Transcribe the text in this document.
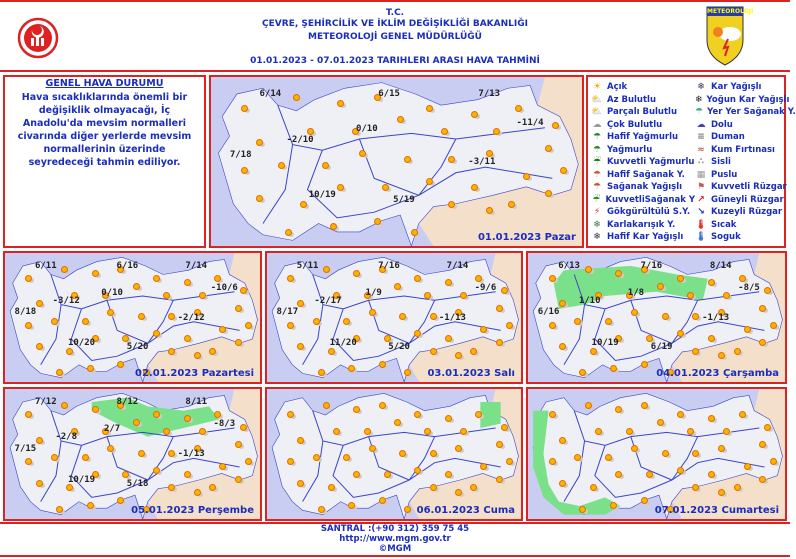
T.C.
ÇEVRE, ŞEHİRCİLİK VE İKLİM DEĞİŞİKLİĞİ BAKANLIĞI
METEOROLOJİ GENEL MÜDÜRLÜĞÜ
01.01.2023 - 07.01.2023 TARIHLERI ARASI HAVA TAHMİNİ
METEOROLOJİ
GENEL HAVA DURUMU
Hava sıcaklıklarında önemli bir değişiklik olmayacağı, İç Anadolu'da mevsim normalleri civarında diğer yerlerde mevsim normallerinin üzerinde seyredeceği tahmin ediliyor.
6/14	6/15	7/13
0/10
-2/10
-11/4
7/18
-3/11
10/19
5/19
01.01.2023 Pazar
☀ Açık	❄ Kar Yağışlı
⛅ Az Bulutlu	❄ Yoğun Kar Yağışlı
⛅ Parçalı Bulutlu ☂ Yer Yer Sağanak Y.
☁ Çok Bulutlu	☁ Dolu
☂ Hafif Yağmurlu ≡ Duman
☂ Yağmurlu	≈ Kum Fırtınası
☔ Kuvvetli Yağmurlu ∴ Sisli
☂ Hafif Sağanak Y. ▦ Puslu
☂ Sağanak Yağışlı ⚑ Kuvvetli Rüzgar
☔ KuvvetliSağanak Y ↗ Güneyli Rüzgar
⚡ Gökgürültülü S.Y. ↘ Kuzeyli Rüzgar
❄ Karlakarışık Y. 🌡 Sıcak
❄ Hafif Kar Yağışlı 🌡 Soguk
6/11	6/16	7/14
0/10
-3/12
-10/6
8/18
-2/12
10/20	5/20
02.01.2023 Pazartesi
5/11	7/16	7/14
1/9
-2/17
-9/6
8/17
-1/13
11/20	5/20
03.01.2023 Salı
6/13	7/16	8/14
1/8
1/10
-8/5
6/16
-1/13
10/19	6/19
04.01.2023 Çarşamba
7/12	8/12	8/11
2/7
-2/8
-8/3
7/15
-1/13
10/19	5/18
05.01.2023 Perşembe	06.01.2023 Cuma	07.01.2023 Cumartesi
SANTRAL :(+90 312) 359 75 45
http://www.mgm.gov.tr
©MGM
